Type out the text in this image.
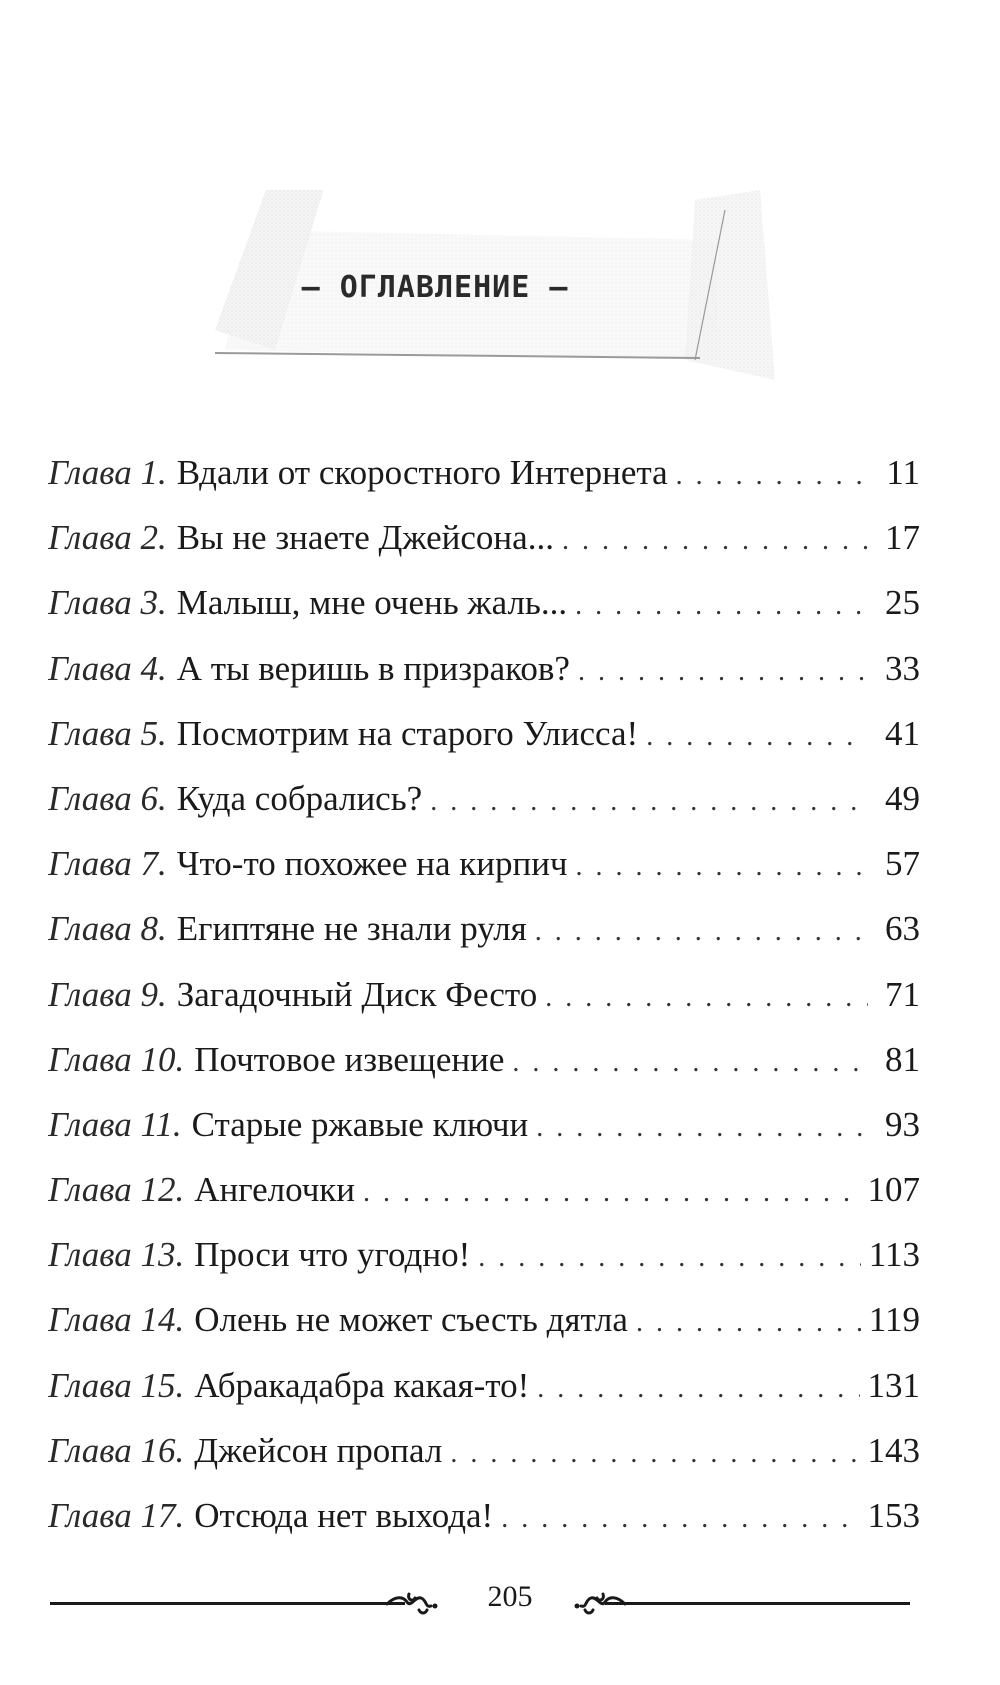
– ОГЛАВЛЕНИЕ –
Глава 1. Вдали от скоростного Интернета . . .	11
Глава 2. Вы не знаете Джейсона... . . .	17
Глава 3. Малыш, мне очень жаль... . . .	25
Глава 4. А ты веришь в призраков? . . .	33
Глава 5. Посмотрим на старого Улисса! . . .	41
Глава 6. Куда собрались? . . .	49
Глава 7. Что-то похожее на кирпич . . .	57
Глава 8. Египтяне не знали руля . . .	63
Глава 9. Загадочный Диск Фесто . . .	71
Глава 10. Почтовое извещение . . .	81
Глава 11. Старые ржавые ключи . . .	93
Глава 12. Ангелочки . . .	107
Глава 13. Проси что угодно! . . .	113
Глава 14. Олень не может съесть дятла . . .	119
Глава 15. Абракадабра какая-то! . . .	131
Глава 16. Джейсон пропал . . .	143
Глава 17. Отсюда нет выхода! . . .	153
205
